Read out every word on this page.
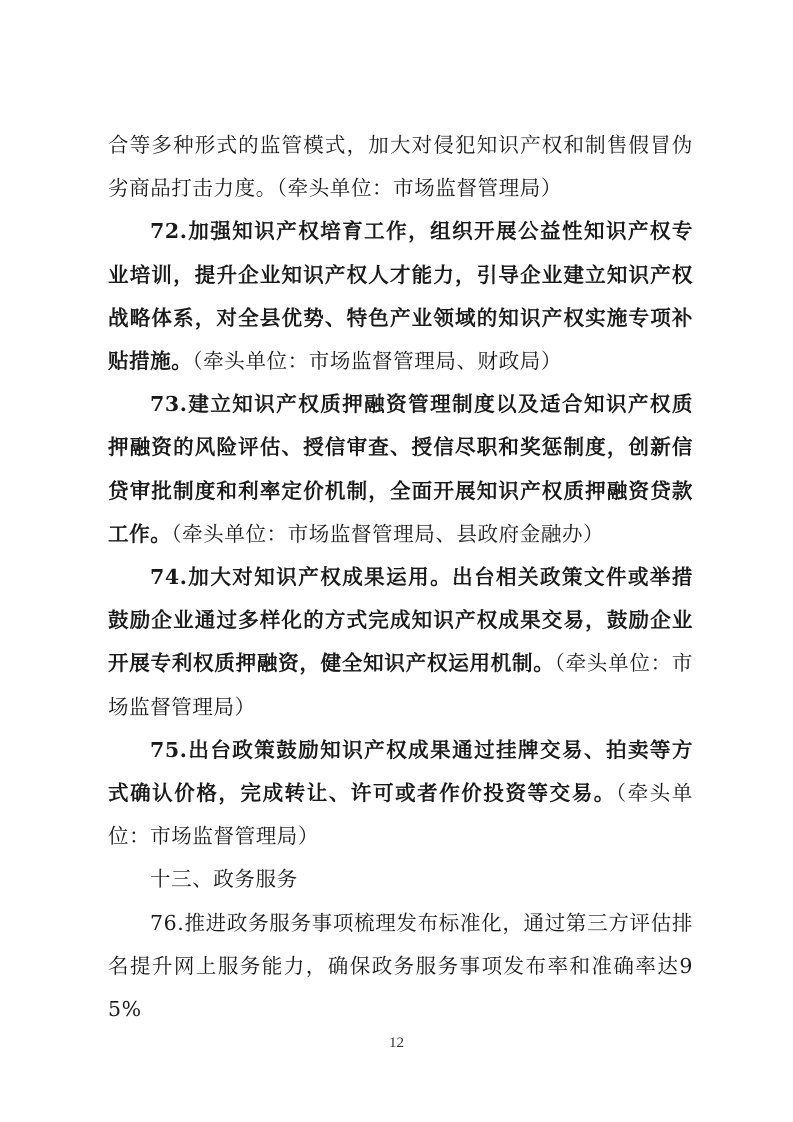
合等多种形式的监管模式，加大对侵犯知识产权和制售假冒伪劣商品打击力度。（牵头单位：市场监督管理局）

72.加强知识产权培育工作，组织开展公益性知识产权专业培训，提升企业知识产权人才能力，引导企业建立知识产权战略体系，对全县优势、特色产业领域的知识产权实施专项补贴措施。（牵头单位：市场监督管理局、财政局）

73.建立知识产权质押融资管理制度以及适合知识产权质押融资的风险评估、授信审查、授信尽职和奖惩制度，创新信贷审批制度和利率定价机制，全面开展知识产权质押融资贷款工作。（牵头单位：市场监督管理局、县政府金融办）

74.加大对知识产权成果运用。出台相关政策文件或举措鼓励企业通过多样化的方式完成知识产权成果交易，鼓励企业开展专利权质押融资，健全知识产权运用机制。（牵头单位：市场监督管理局）

75.出台政策鼓励知识产权成果通过挂牌交易、拍卖等方式确认价格，完成转让、许可或者作价投资等交易。（牵头单位：市场监督管理局）

十三、政务服务

76.推进政务服务事项梳理发布标准化，通过第三方评估排名提升网上服务能力，确保政务服务事项发布率和准确率达95%

12
